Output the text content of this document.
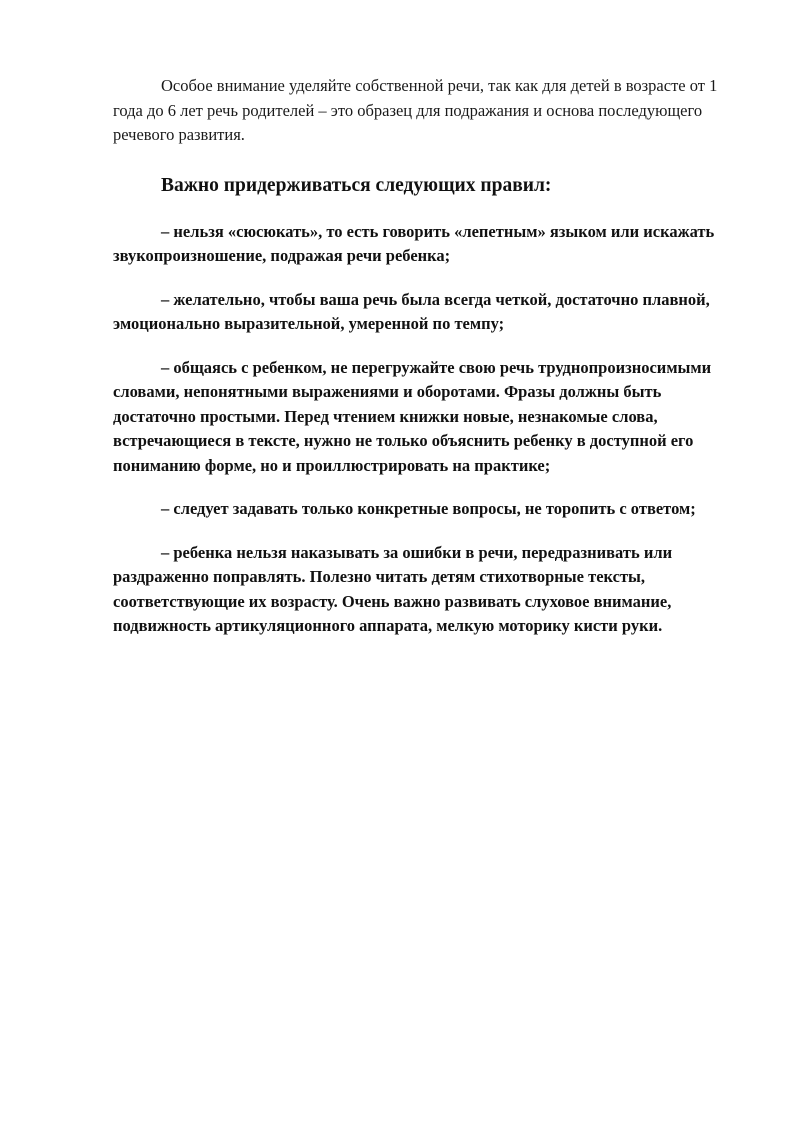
Особое внимание уделяйте собственной речи, так как для детей в возрасте от 1 года до 6 лет речь родителей – это образец для подражания и основа последующего речевого развития.

Важно придерживаться следующих правил:

– нельзя «сюсюкать», то есть говорить «лепетным» языком или искажать звукопроизношение, подражая речи ребенка;

– желательно, чтобы ваша речь была всегда четкой, достаточно плавной, эмоционально выразительной, умеренной по темпу;

– общаясь с ребенком, не перегружайте свою речь труднопроизносимыми словами, непонятными выражениями и оборотами. Фразы должны быть достаточно простыми. Перед чтением книжки новые, незнакомые слова, встречающиеся в тексте, нужно не только объяснить ребенку в доступной его пониманию форме, но и проиллюстрировать на практике;

– следует задавать только конкретные вопросы, не торопить с ответом;

– ребенка нельзя наказывать за ошибки в речи, передразнивать или раздраженно поправлять. Полезно читать детям стихотворные тексты, соответствующие их возрасту. Очень важно развивать слуховое внимание, подвижность артикуляционного аппарата, мелкую моторику кисти руки.
